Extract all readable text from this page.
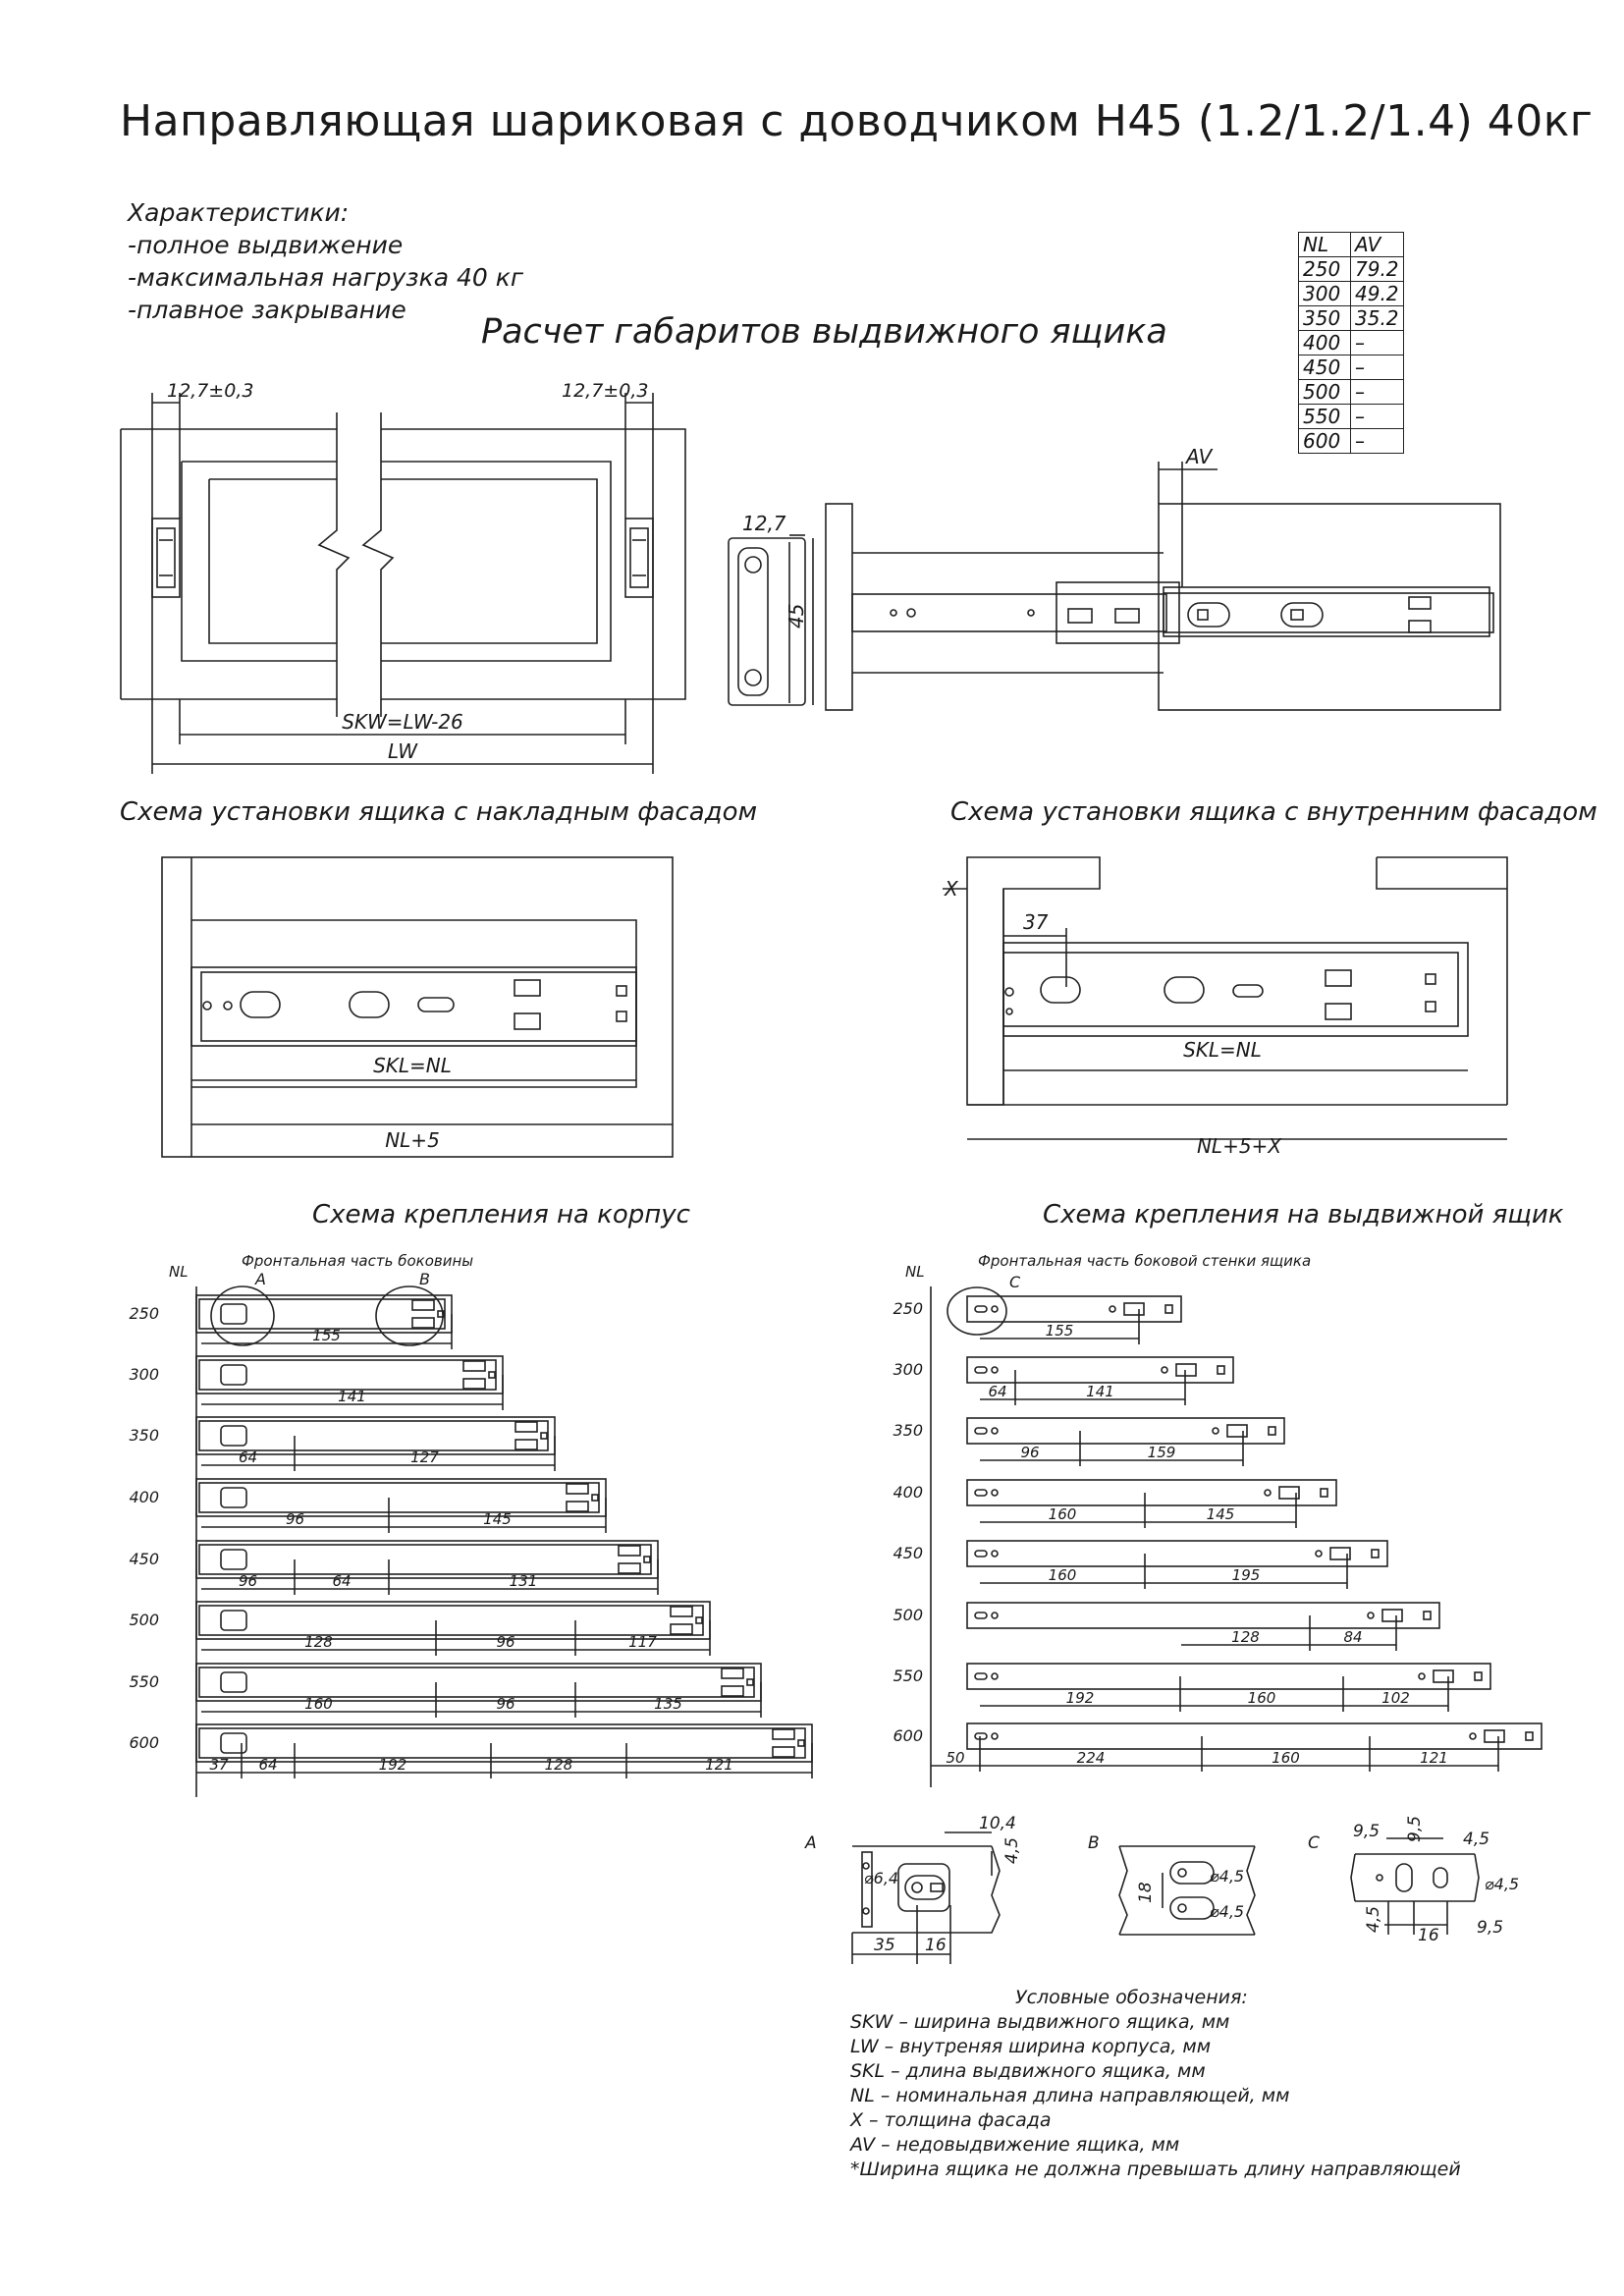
Направляющая шариковая с доводчиком H45 (1.2/1.2/1.4) 40кг
Характеристики:
-полное выдвижение
-максимальная нагрузка 40 кг
-плавное закрывание
Расчет габаритов выдвижного ящика
NL	AV
250	79.2
300	49.2
350	35.2
400	–
450	–
500	–
550	–
600	–
Схема установки ящика с накладным фасадом	Схема установки ящика с внутренним фасадом
Схема крепления на корпус	Схема крепления на выдвижной ящик
12,7±0,3	12,7±0,3
SKW=LW-26
LW
12,7
45
AV
SKL=NL
NL+5
X
37
SKL=NL
NL+5+X
250
155
300
141
350
64	127
400
96	145
450
96	64	131
500
128	96	117
550
160	96	135
600
37 64	192	128	121
NL
Фронтальная часть боковины
A	B
250
155
300
64	141
350
96	159
400
160	145
450
160	195
500
128	84
550
192	160	102
600
50	224	160	121
NL
Фронтальная часть боковой стенки ящика
C
A
10,4
4,5
⌀6,4
35 16
B
18
⌀4,5
⌀4,5
C
9,5 9,5 4,5
⌀4,5
4,5
16 9,5
Условные обозначения:
SKW – ширина выдвижного ящика, мм
LW – внутреняя ширина корпуса, мм
SKL – длина выдвижного ящика, мм
NL – номинальная длина направляющей, мм
X – толщина фасада
AV – недовыдвижение ящика, мм
*Ширина ящика не должна превышать длину направляющей
